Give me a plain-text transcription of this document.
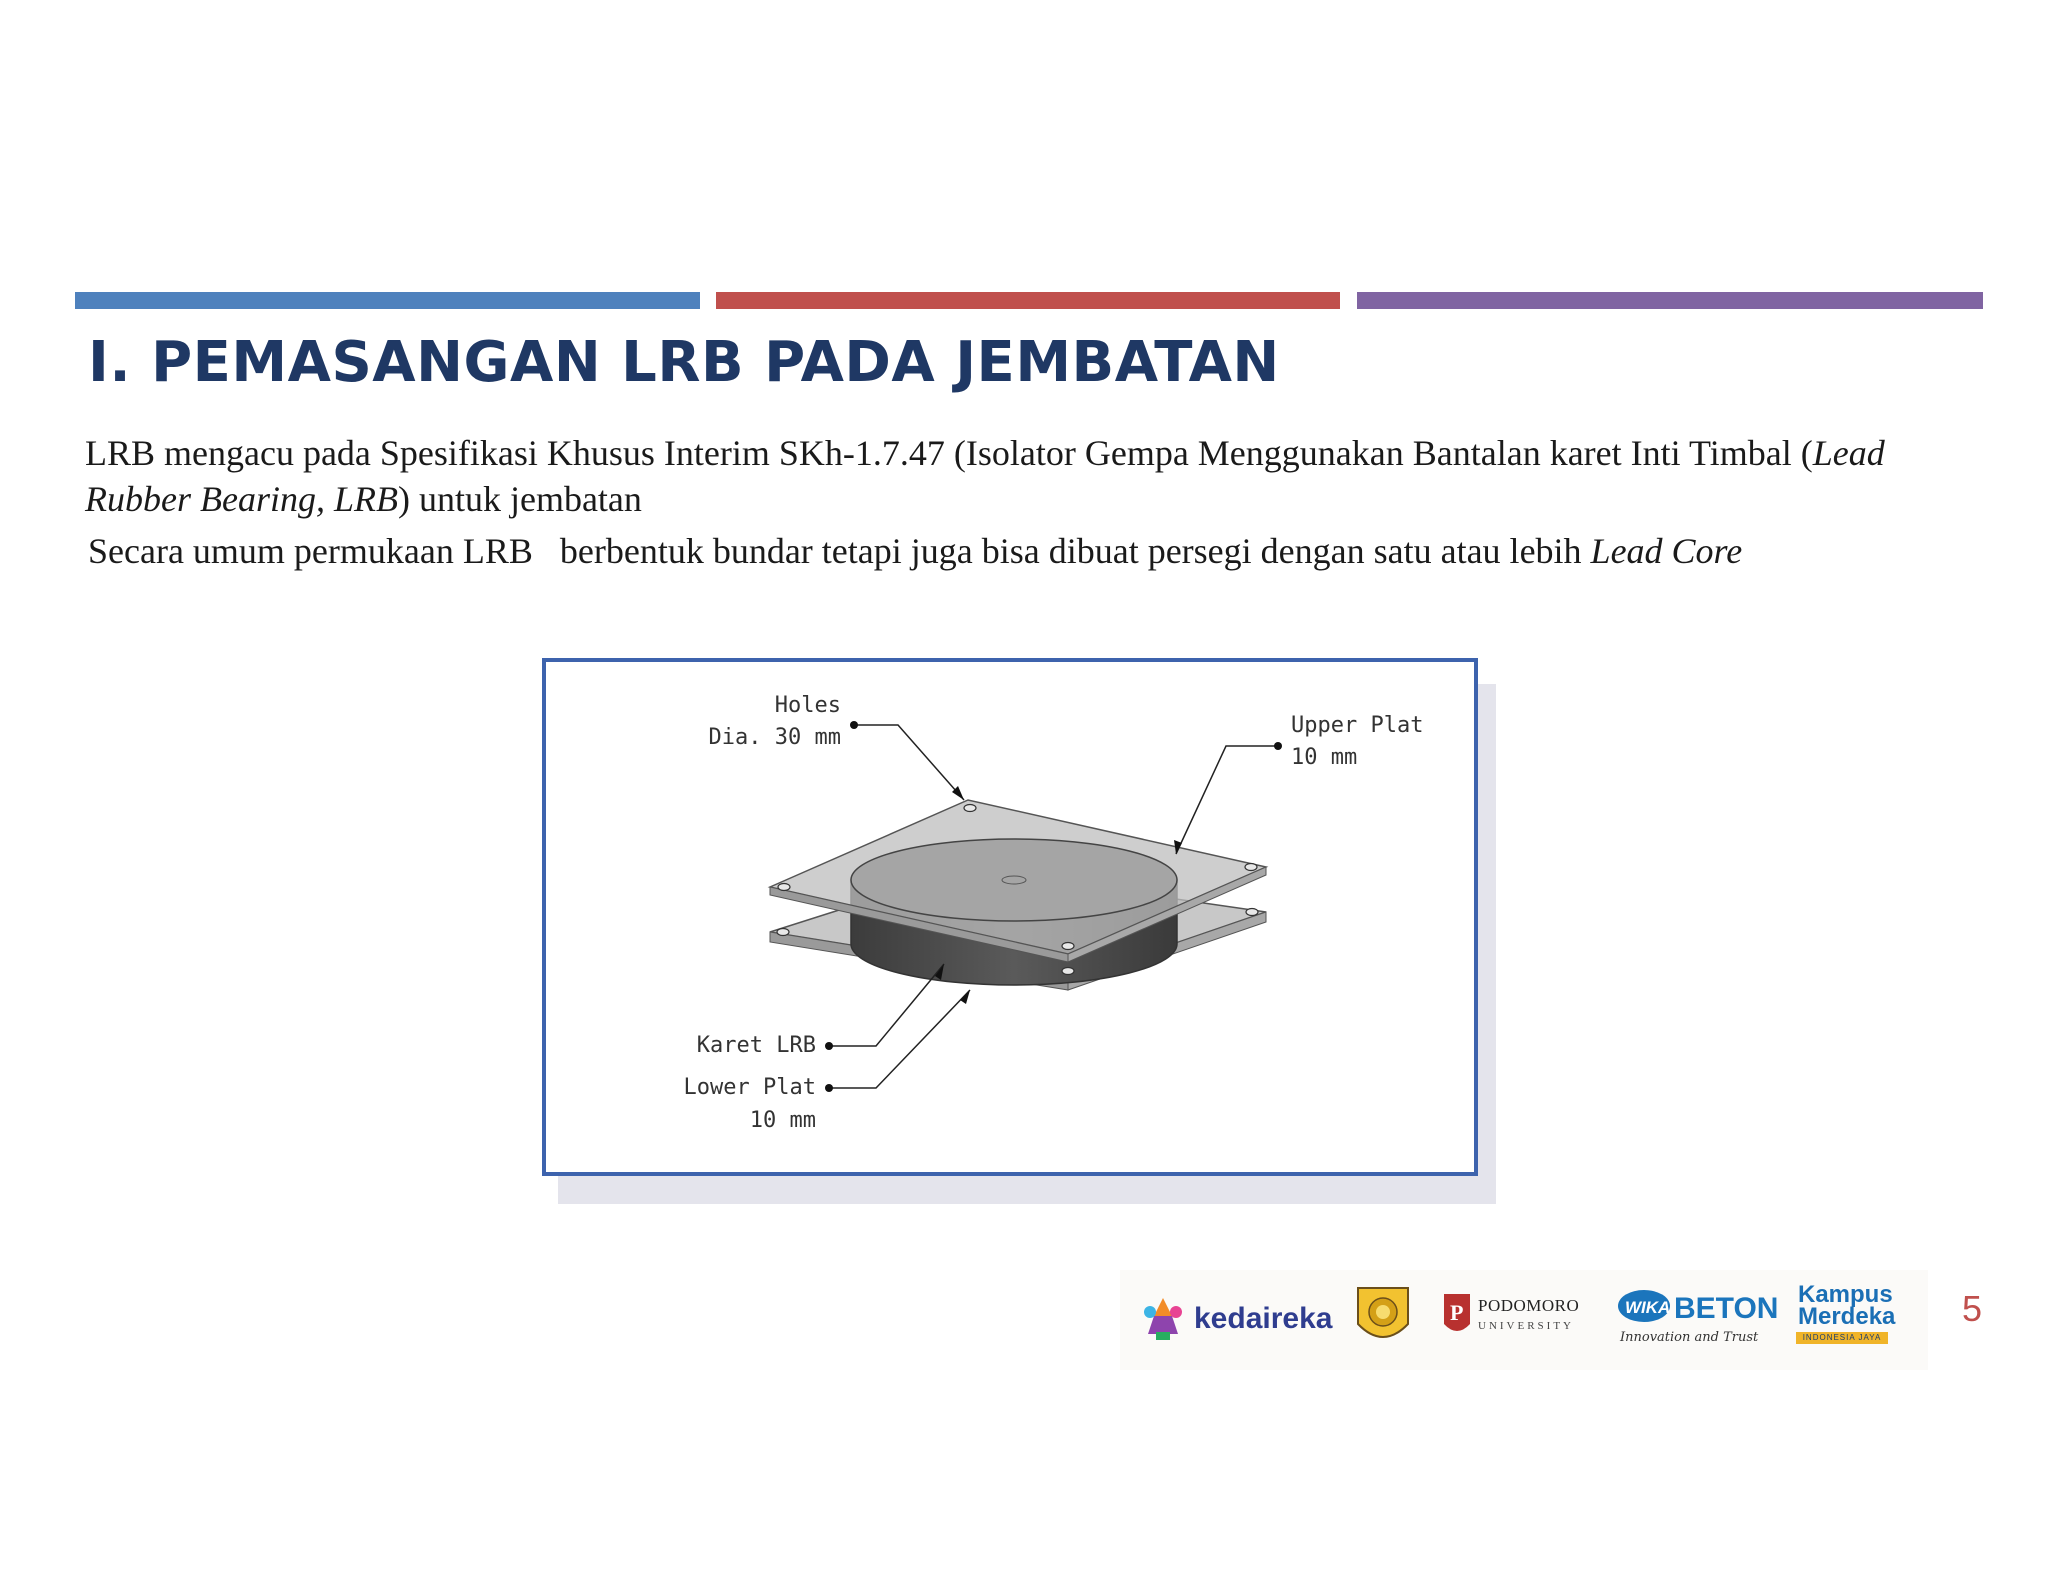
I. PEMASANGAN LRB PADA JEMBATAN
LRB mengacu pada Spesifikasi Khusus Interim SKh-1.7.47 (Isolator Gempa Menggunakan Bantalan karet Inti Timbal (Lead Rubber Bearing, LRB) untuk jembatan
Secara umum permukaan LRB   berbentuk bundar tetapi juga bisa dibuat persegi dengan satu atau lebih Lead Core
Holes
Dia. 30 mm	Upper Plat
10 mm
Karet LRB
Lower Plat
10 mm
kedaireka	P PODOMORO
UNIVERSITY
WIKA BETON
Innovation and Trust
Kampus
Merdeka
INDONESIA JAYA
5
